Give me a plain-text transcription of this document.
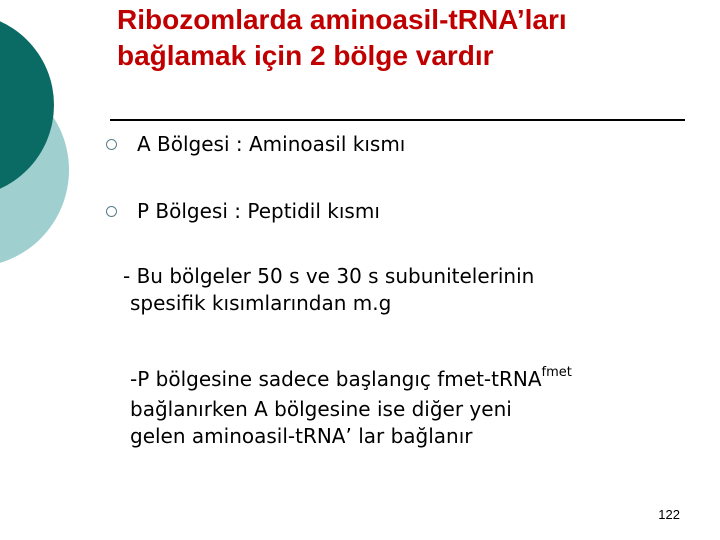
Ribozomlarda aminoasil-tRNA’ları
bağlamak için 2 bölge vardır
A Bölgesi : Aminoasil kısmı
P Bölgesi : Peptidil kısmı
- Bu bölgeler 50 s ve 30 s subunitelerinin
spesifik kısımlarından m.g
-P bölgesine sadece başlangıç fmet-tRNA$^{fmet}$
bağlanırken A bölgesine ise diğer yeni
gelen aminoasil-tRNA’ lar bağlanır
122
